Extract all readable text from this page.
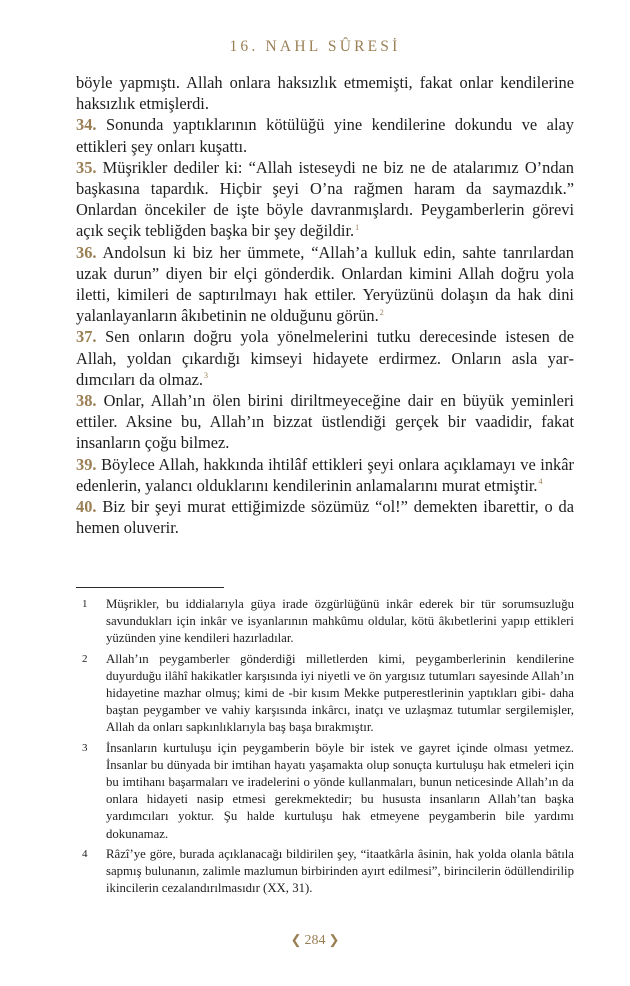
16. NAHL SÛRESİ

böyle yapmıştı. Allah onlara haksızlık etmemişti, fakat onlar kendilerine haksızlık etmişlerdi.

34. Sonunda yaptıklarının kötülüğü yine kendilerine dokundu ve alay ettikleri şey onları kuşattı.

35. Müşrikler dediler ki: “Allah isteseydi ne biz ne de atalarımız O’ndan başkasına tapardık. Hiçbir şeyi O’na rağmen haram da saymazdık.” Onlardan öncekiler de işte böyle davranmışlardı. Peygamberlerin görevi açık seçik tebliğden başka bir şey değildir.$^1$

36. Andolsun ki biz her ümmete, “Allah’a kulluk edin, sahte tanrılardan uzak durun” diyen bir elçi gönderdik. Onlardan kimini Allah doğru yola iletti, kimileri de saptırılmayı hak ettiler. Yeryüzünü dolaşın da hak dini yalanlayanların âkıbetinin ne olduğunu görün.$^2$

37. Sen onların doğru yola yönelmelerini tutku derecesinde istesen de Allah, yoldan çıkardığı kimseyi hidayete erdirmez. Onların asla yardımcıları da olmaz.$^3$

38. Onlar, Allah’ın ölen birini diriltmeyeceğine dair en büyük yeminleri ettiler. Aksine bu, Allah’ın bizzat üstlendiği gerçek bir vaadidir, fakat insanların çoğu bilmez.

39. Böylece Allah, hakkında ihtilâf ettikleri şeyi onlara açıklamayı ve inkâr edenlerin, yalancı olduklarını kendilerinin anlamalarını murat etmiştir.$^4$

40. Biz bir şeyi murat ettiğimizde sözümüz “ol!” demekten ibarettir, o da hemen oluverir.

1 Müşrikler, bu iddialarıyla güya irade özgürlüğünü inkâr ederek bir tür sorumsuzluğu savundukları için inkâr ve isyanlarının mahkûmu oldular, kötü âkıbetlerini yapıp ettikleri yüzünden yine kendileri hazırladılar.
2 Allah’ın peygamberler gönderdiği milletlerden kimi, peygamberlerinin kendilerine duyurduğu ilâhî hakikatler karşısında iyi niyetli ve ön yargısız tutumları sayesinde Allah’ın hidayetine mazhar olmuş; kimi de -bir kısım Mekke putperestlerinin yaptıkları gibi- daha baştan peygamber ve vahiy karşısında inkârcı, inatçı ve uzlaşmaz tutumlar sergilemişler, Allah da onları sapkınlıklarıyla baş başa bırakmıştır.
3 İnsanların kurtuluşu için peygamberin böyle bir istek ve gayret içinde olması yetmez. İnsanlar bu dünyada bir imtihan hayatı yaşamakta olup sonuçta kurtuluşu hak etmeleri için bu imtihanı başarmaları ve iradelerini o yönde kullanmaları, bunun neticesinde Allah’ın da onlara hidayeti nasip etmesi gerekmektedir; bu hususta insanların Allah’tan başka yardımcıları yoktur. Şu halde kurtuluşu hak etmeyene peygamberin bile yardımı dokunamaz.
4 Râzî’ye göre, burada açıklanacağı bildirilen şey, “itaatkârla âsinin, hak yolda olanla bâtıla sapmış bulunanın, zalimle mazlumun birbirinden ayırt edilmesi”, birincilerin ödüllendirilip ikincilerin cezalandırılmasıdır (XX, 31).
❮ 284 ❯
